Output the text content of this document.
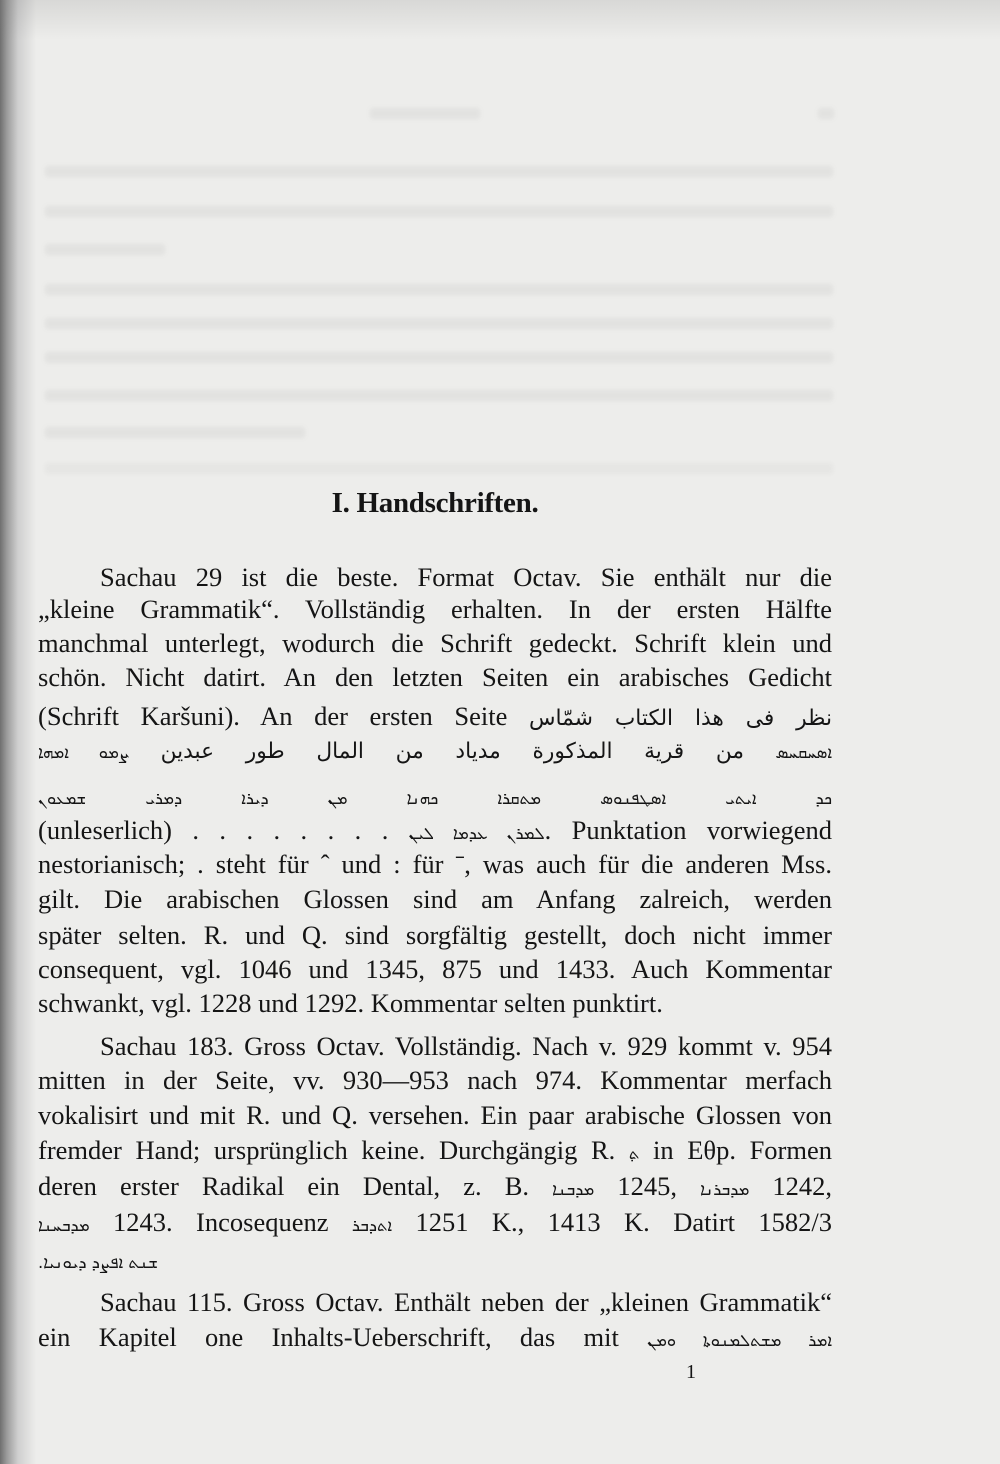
I. Handschriften.
Sachau 29 ist die beste. Format Octav. Sie enthält nur die
„kleine Grammatik“. Vollständig erhalten. In der ersten Hälfte
manchmal unterlegt, wodurch die Schrift gedeckt. Schrift klein und
schön. Nicht datirt. An den letzten Seiten ein arabisches Gedicht
(Schrift Karšuni). An der ersten Seite نظر فى هذا الكتاب شمّاس
ܐܣܚܩܚܣ من قرية المذكورة مدياد من المال طور عبدين ܨܡܘ ܐܡܗܐ
ܟܕ ܐܝܬܝ ܐܣܛܦܢܘܣ ܡܬܩܪܐ ܟܗܢܐ ܡܢ ܕܝܪܐ ܕܡܪܝ ܫܡܥܘܢ
(unleserlich) . . . . . . . . ܠܡܪܢ ܥܕܡܐ ܠܝܢ. Punktation vorwiegend
nestorianisch; . steht für ˆ und : für ˉ, was auch für die anderen Mss.
gilt. Die arabischen Glossen sind am Anfang zalreich, werden
später selten. R. und Q. sind sorgfältig gestellt, doch nicht immer
consequent, vgl. 1046 und 1345, 875 und 1433. Auch Kommentar
schwankt, vgl. 1228 und 1292. Kommentar selten punktirt.
Sachau 183. Gross Octav. Vollständig. Nach v. 929 kommt v. 954
mitten in der Seite, vv. 930—953 nach 974. Kommentar merfach
vokalisirt und mit R. und Q. versehen. Ein paar arabische Glossen von
fremder Hand; ursprünglich keine. Durchgängig R. ܬ̣ in Eθp. Formen
deren erster Radikal ein Dental, z. B. ܡܕܒܢܐ 1245, ܡܕܒܪܢܐ 1242,
ܡܕܒܚܢܐ 1243. Incosequenz ܐܬܕܒܪ 1251 K., 1413 K. Datirt 1582/3
ܫܢܬ ܐܦܨܕ ܕܝܘܢܝܐ.
Sachau 115. Gross Octav. Enthält neben der „kleinen Grammatik“
ein Kapitel one Inhalts-Ueberschrift, das mit ܐܡܪ ܡܫܬܠܡܢܘܬܐ ܘܡܢ
1
